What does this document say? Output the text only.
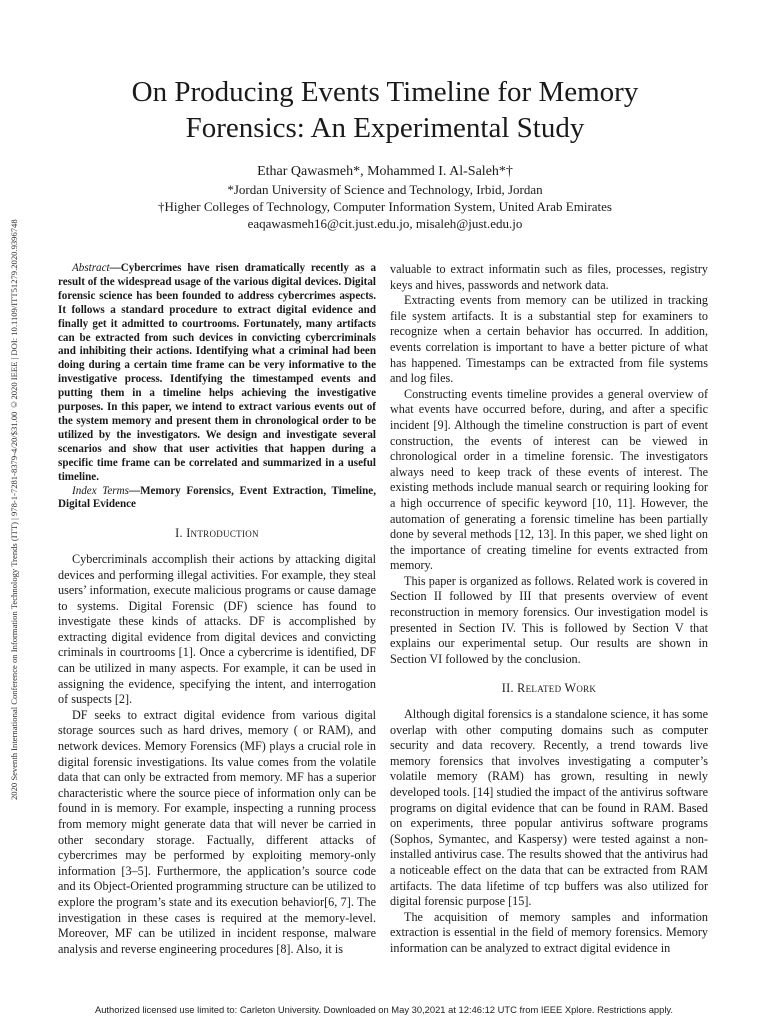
2020 Seventh International Conference on Information Technology Trends (ITT) | 978-1-7281-8379-4/20/$31.00 ©2020 IEEE | DOI: 10.1109/ITT51279.2020.9396748
On Producing Events Timeline for Memory
Forensics: An Experimental Study
Ethar Qawasmeh*, Mohammed I. Al-Saleh*†
*Jordan University of Science and Technology, Irbid, Jordan
†Higher Colleges of Technology, Computer Information System, United Arab Emirates
eaqawasmeh16@cit.just.edu.jo, misaleh@just.edu.jo

Abstract—Cybercrimes have risen dramatically recently as a result of the widespread usage of the various digital devices. Digital forensic science has been founded to address cybercrimes aspects. It follows a standard procedure to extract digital evidence and finally get it admitted to courtrooms. Fortunately, many artifacts can be extracted from such devices in convicting cybercriminals and inhibiting their actions. Identifying what a criminal had been doing during a certain time frame can be very informative to the investigative process. Identifying the timestamped events and putting them in a timeline helps achieving the investigative purposes. In this paper, we intend to extract various events out of the system memory and present them in chronological order to be utilized by the investigators. We design and investigate several scenarios and show that user activities that happen during a specific time frame can be correlated and summarized in a useful timeline.

Index Terms—Memory Forensics, Event Extraction, Timeline, Digital Evidence

I. Introduction

Cybercriminals accomplish their actions by attacking digital devices and performing illegal activities. For example, they steal users’ information, execute malicious programs or cause damage to systems. Digital Forensic (DF) science has found to investigate these kinds of attacks. DF is accomplished by extracting digital evidence from digital devices and convicting criminals in courtrooms [1]. Once a cybercrime is identified, DF can be utilized in many aspects. For example, it can be used in assigning the evidence, specifying the intent, and interrogation of suspects [2].

DF seeks to extract digital evidence from various digital storage sources such as hard drives, memory ( or RAM), and network devices. Memory Forensics (MF) plays a crucial role in digital forensic investigations. Its value comes from the volatile data that can only be extracted from memory. MF has a superior characteristic where the source piece of information only can be found in is memory. For example, inspecting a running process from memory might generate data that will never be carried in other secondary storage. Factually, different attacks of cybercrimes may be performed by exploiting memory-only information [3–5]. Furthermore, the application’s source code and its Object-Oriented programming structure can be utilized to explore the program’s state and its execution behavior[6, 7]. The investigation in these cases is required at the memory-level. Moreover, MF can be utilized in incident response, malware analysis and reverse engineering procedures [8]. Also, it is

valuable to extract informatin such as files, processes, registry keys and hives, passwords and network data.

Extracting events from memory can be utilized in tracking file system artifacts. It is a substantial step for examiners to recognize when a certain behavior has occurred. In addition, events correlation is important to have a better picture of what has happened. Timestamps can be extracted from file systems and log files.

Constructing events timeline provides a general overview of what events have occurred before, during, and after a specific incident [9]. Although the timeline construction is part of event construction, the events of interest can be viewed in chronological order in a timeline forensic. The investigators always need to keep track of these events of interest. The existing methods include manual search or requiring looking for a high occurrence of specific keyword [10, 11]. However, the automation of generating a forensic timeline has been partially done by several methods [12, 13]. In this paper, we shed light on the importance of creating timeline for events extracted from memory.

This paper is organized as follows. Related work is covered in Section II followed by III that presents overview of event reconstruction in memory forensics. Our investigation model is presented in Section IV. This is followed by Section V that explains our experimental setup. Our results are shown in Section VI followed by the conclusion.

II. Related Work

Although digital forensics is a standalone science, it has some overlap with other computing domains such as computer security and data recovery. Recently, a trend towards live memory forensics that involves investigating a computer’s volatile memory (RAM) has grown, resulting in newly developed tools. [14] studied the impact of the antivirus software programs on digital evidence that can be found in RAM. Based on experiments, three popular antivirus software programs (Sophos, Symantec, and Kaspersy) were tested against a non-installed antivirus case. The results showed that the antivirus had a noticeable effect on the data that can be extracted from RAM artifacts. The data lifetime of tcp buffers was also utilized for digital forensic purpose [15].

The acquisition of memory samples and information extraction is essential in the field of memory forensics. Memory information can be analyzed to extract digital evidence in

Authorized licensed use limited to: Carleton University. Downloaded on May 30,2021 at 12:46:12 UTC from IEEE Xplore. Restrictions apply.
